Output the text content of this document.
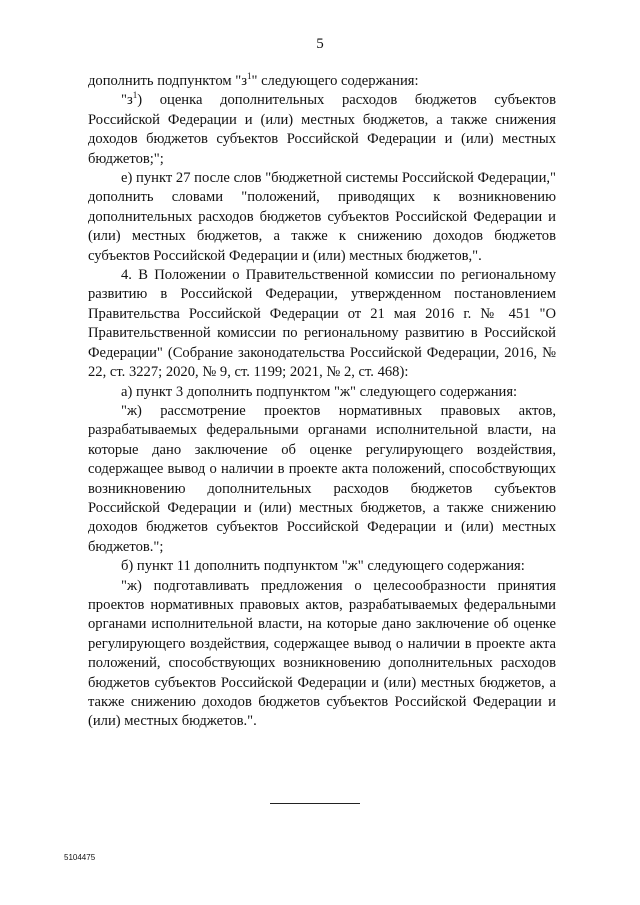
5

дополнить подпунктом "$з^1$" следующего содержания:

"$з^1$) оценка дополнительных расходов бюджетов субъектов Российской Федерации и (или) местных бюджетов, а также снижения доходов бюджетов субъектов Российской Федерации и (или) местных бюджетов;";

е) пункт 27 после слов "бюджетной системы Российской Федерации," дополнить словами "положений, приводящих к возникновению дополнительных расходов бюджетов субъектов Российской Федерации и (или) местных бюджетов, а также к снижению доходов бюджетов субъектов Российской Федерации и (или) местных бюджетов,".

4. В Положении о Правительственной комиссии по региональному развитию в Российской Федерации, утвержденном постановлением Правительства Российской Федерации от 21 мая 2016 г. № 451 "О Правительственной комиссии по региональному развитию в Российской Федерации" (Собрание законодательства Российской Федерации, 2016, № 22, ст. 3227; 2020, № 9, ст. 1199; 2021, № 2, ст. 468):

а) пункт 3 дополнить подпунктом "ж" следующего содержания:

"ж) рассмотрение проектов нормативных правовых актов, разрабатываемых федеральными органами исполнительной власти, на которые дано заключение об оценке регулирующего воздействия, содержащее вывод о наличии в проекте акта положений, способствующих возникновению дополнительных расходов бюджетов субъектов Российской Федерации и (или) местных бюджетов, а также снижению доходов бюджетов субъектов Российской Федерации и (или) местных бюджетов.";

б) пункт 11 дополнить подпунктом "ж" следующего содержания:

"ж) подготавливать предложения о целесообразности принятия проектов нормативных правовых актов, разрабатываемых федеральными органами исполнительной власти, на которые дано заключение об оценке регулирующего воздействия, содержащее вывод о наличии в проекте акта положений, способствующих возникновению дополнительных расходов бюджетов субъектов Российской Федерации и (или) местных бюджетов, а также снижению доходов бюджетов субъектов Российской Федерации и (или) местных бюджетов.".

5104475
